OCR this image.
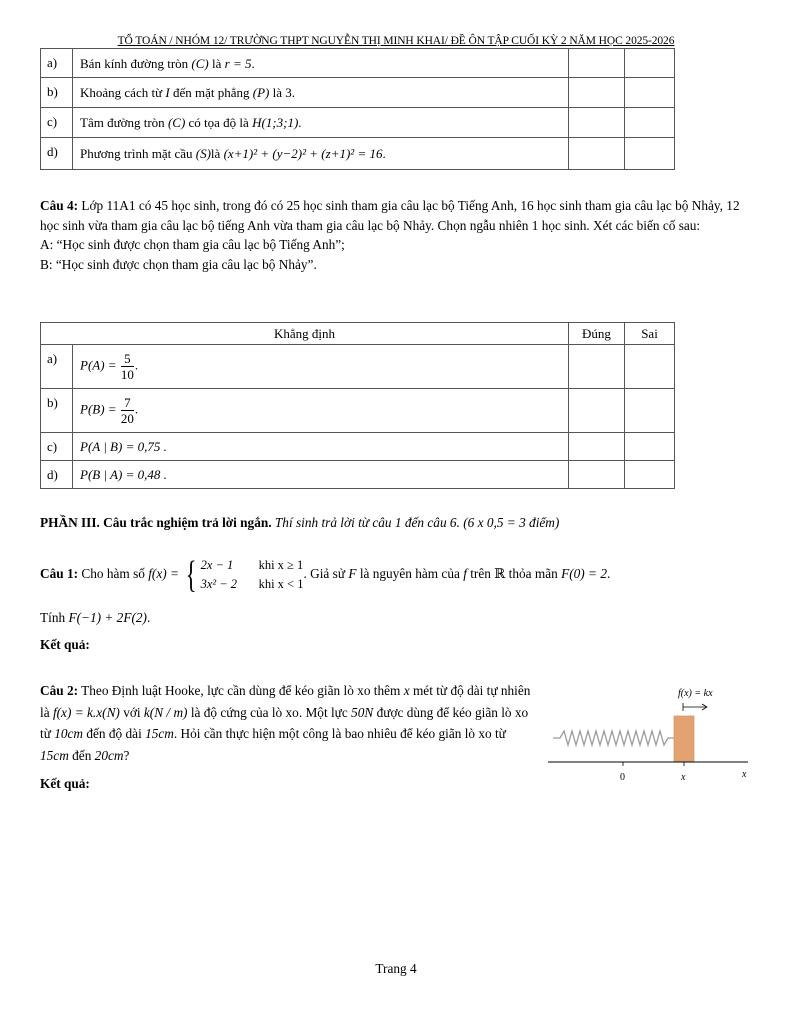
TỔ TOÁN / NHÓM 12/ TRƯỜNG THPT NGUYỄN THỊ MINH KHAI/ ĐỀ ÔN TẬP CUỐI KỲ 2 NĂM HỌC 2025-2026
a)	Bán kính đường tròn (C) là r = 5.		
b)	Khoảng cách từ I đến mặt phẳng (P) là 3.		
c)	Tâm đường tròn (C) có tọa độ là H(1;3;1).		
d)	Phương trình mặt cầu (S)là (x+1)² + (y−2)² + (z+1)² = 16.		
Câu 4: Lớp 11A1 có 45 học sinh, trong đó có 25 học sinh tham gia câu lạc bộ Tiếng Anh, 16 học sinh tham gia câu lạc bộ Nhảy, 12 học sinh vừa tham gia câu lạc bộ tiếng Anh vừa tham gia câu lạc bộ Nhảy. Chọn ngẫu nhiên 1 học sinh. Xét các biến cố sau:
A: “Học sinh được chọn tham gia câu lạc bộ Tiếng Anh”;
B: “Học sinh được chọn tham gia câu lạc bộ Nhảy”.
Khẳng định		Đúng	Sai
a)	$P(A) = \frac{5}{10}$ .		
b)	$P(B) = \frac{7}{20}$ .		
c)	P(A | B) = 0,75 .		
d)	P(B | A) = 0,48 .		
PHẦN III. Câu trắc nghiệm trả lời ngắn. Thí sinh trả lời từ câu 1 đến câu 6. (6 x 0,5 = 3 điểm)
Câu 1: Cho hàm số f(x) = { 2x − 1 khi x ≥ 1
3x² − 2 khi x < 1
. Giả sử F là nguyên hàm của f trên ℝ thỏa mãn F(0) = 2.
Tính F(−1) + 2F(2).
Kết quả:
Câu 2: Theo Định luật Hooke, lực cần dùng để kéo giãn lò xo thêm x mét từ độ dài tự nhiên là f(x) = k.x(N) với k(N / m) là độ cứng của lò xo. Một lực 50N được dùng để kéo giãn lò xo từ 10cm đến độ dài 15cm. Hỏi cần thực hiện một công là bao nhiêu để kéo giãn lò xo từ 15cm đến 20cm?
Kết quả:
f(x) = kx
0	x	x
Trang 4
